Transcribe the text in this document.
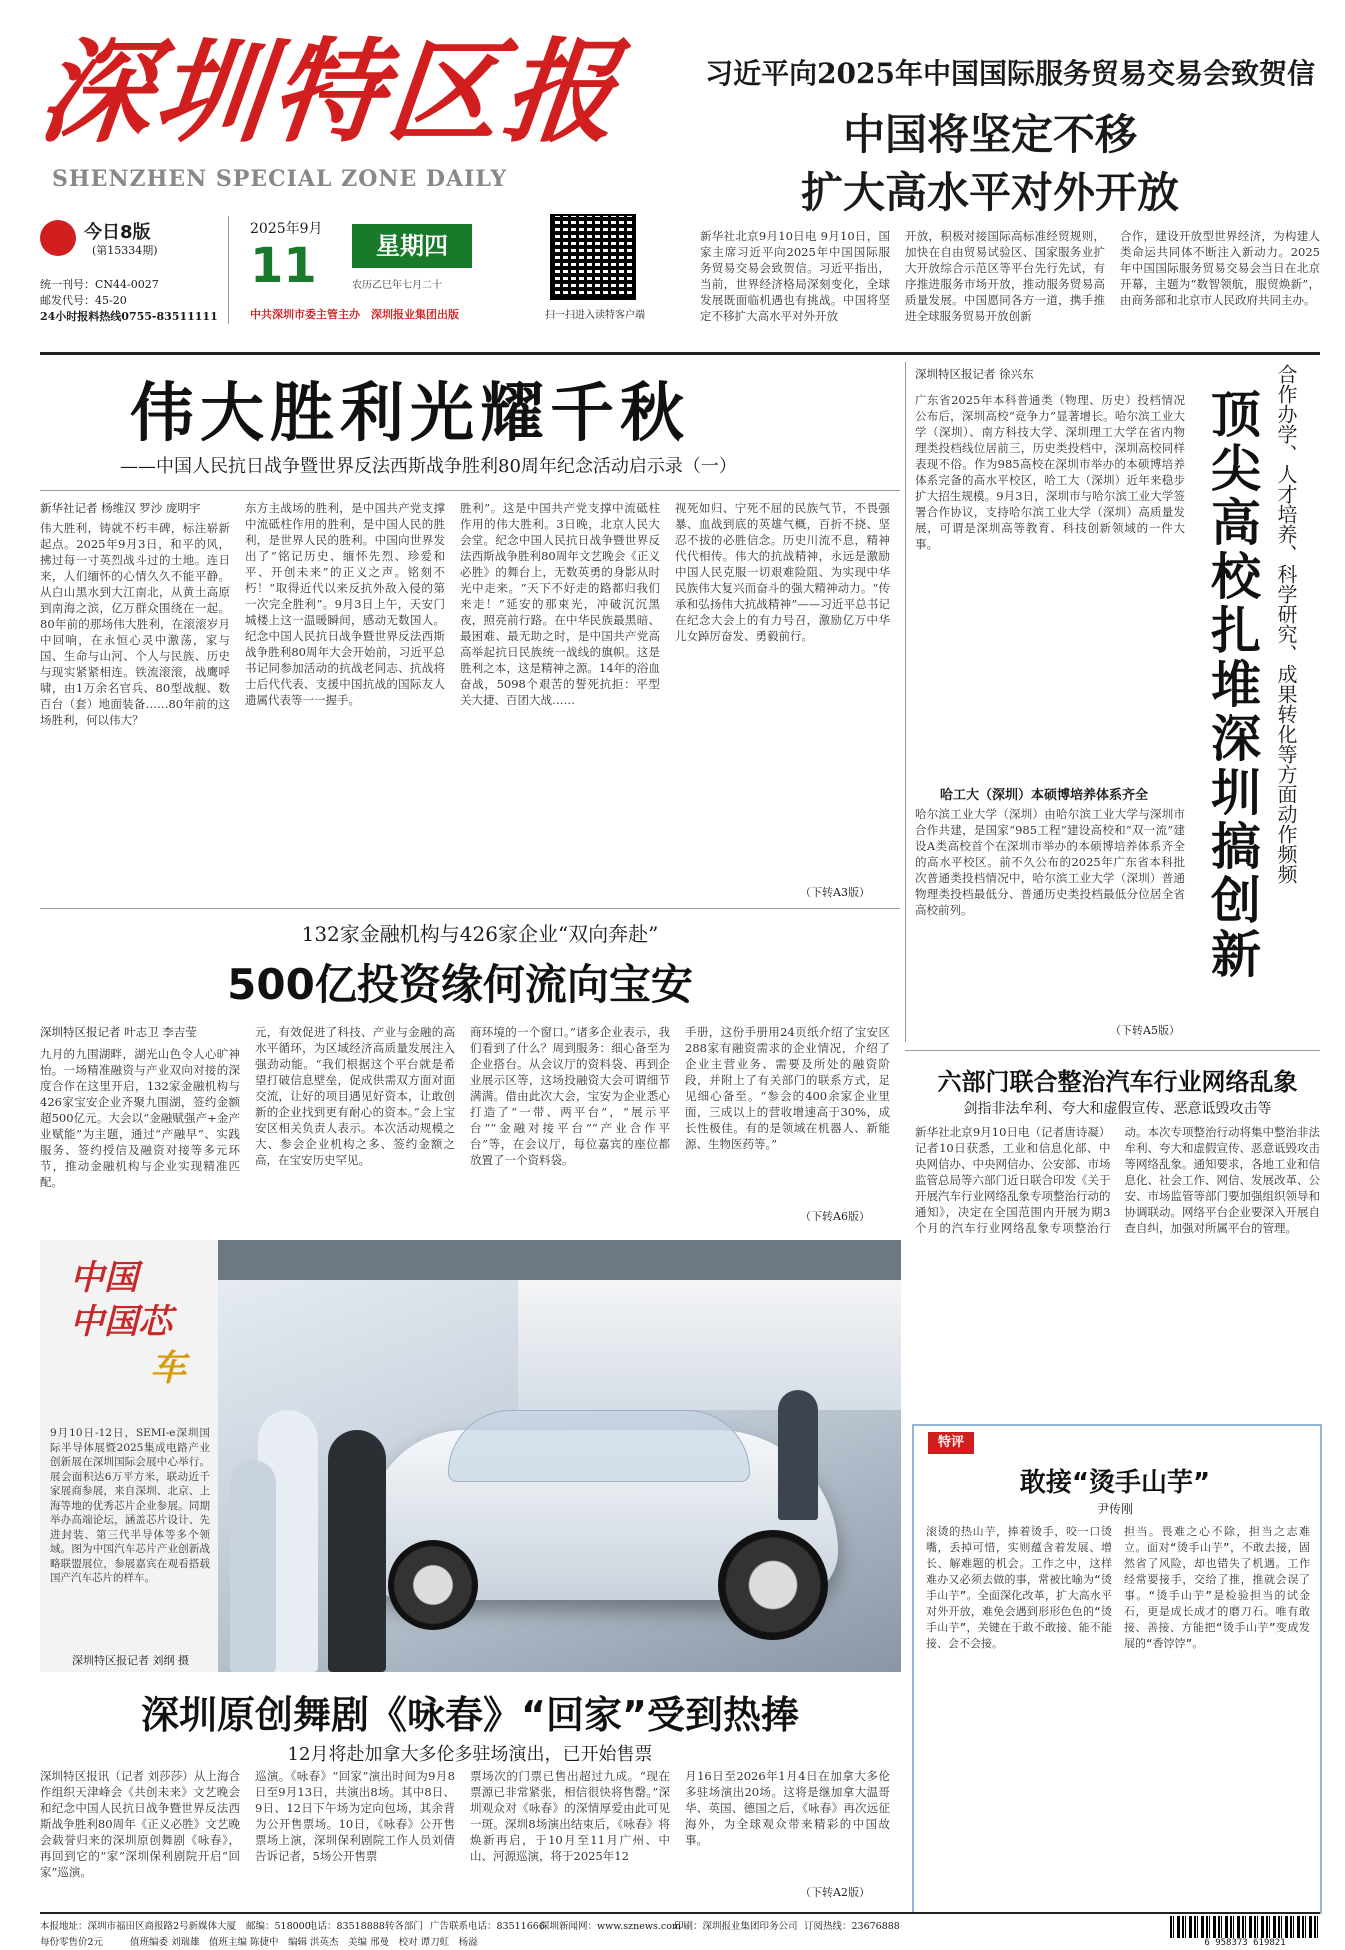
深圳特区报
SHENZHEN SPECIAL ZONE DAILY
习近平向2025年中国国际服务贸易交易会致贺信
中国将坚定不移
扩大高水平对外开放
今日8版
(第15334期)
统一刊号：CN44-0027
邮发代号：45-20
24小时报料热线0755-83511111
2025年9月
11	星期四
农历乙巳年七月二十
中共深圳市委主管主办　深圳报业集团出版	扫一扫进入读特客户端
新华社北京9月10日电 9月10日，国家主席习近平向2025年中国国际服务贸易交易会致贺信。习近平指出，当前，世界经济格局深刻变化，全球发展既面临机遇也有挑战。中国将坚定不移扩大高水平对外开放
开放，积极对接国际高标准经贸规则，加快在自由贸易试验区、国家服务业扩大开放综合示范区等平台先行先试，有序推进服务市场开放，推动服务贸易高质量发展。中国愿同各方一道，携手推进全球服务贸易开放创新
合作，建设开放型世界经济，为构建人类命运共同体不断注入新动力。2025年中国国际服务贸易交易会当日在北京开幕，主题为“数智领航，服贸焕新”，由商务部和北京市人民政府共同主办。
伟大胜利光耀千秋
——中国人民抗日战争暨世界反法西斯战争胜利80周年纪念活动启示录（一）
新华社记者 杨维汉 罗沙 庞明宇
伟大胜利，铸就不朽丰碑，标注崭新起点。2025年9月3日，和平的风，拂过每一寸英烈战斗过的土地。连日来，人们缅怀的心情久久不能平静。从白山黑水到大江南北，从黄土高原到南海之滨，亿万群众围绕在一起。80年前的那场伟大胜利，在滚滚岁月中回响，在永恒心灵中激荡，家与国、生命与山河、个人与民族、历史与现实紧紧相连。铁流滚滚，战鹰呼啸，由1万余名官兵、80型战舰、数百台（套）地面装备……80年前的这场胜利，何以伟大？
东方主战场的胜利，是中国共产党支撑中流砥柱作用的胜利，是中国人民的胜利，是世界人民的胜利。中国向世界发出了“铭记历史、缅怀先烈、珍爱和平、开创未来”的正义之声。铭刻不朽！“取得近代以来反抗外敌入侵的第一次完全胜利”。9月3日上午，天安门城楼上这一温暖瞬间，感动无数国人。纪念中国人民抗日战争暨世界反法西斯战争胜利80周年大会开始前，习近平总书记同参加活动的抗战老同志、抗战将士后代代表、支援中国抗战的国际友人遗属代表等一一握手。
胜利”。这是中国共产党支撑中流砥柱作用的伟大胜利。3日晚，北京人民大会堂。纪念中国人民抗日战争暨世界反法西斯战争胜利80周年文艺晚会《正义必胜》的舞台上，无数英勇的身影从时光中走来。“天下不好走的路都归我们来走！”延安的那束光，冲破沉沉黑夜，照亮前行路。在中华民族最黑暗、最困难、最无助之时，是中国共产党高高举起抗日民族统一战线的旗帜。这是胜利之本，这是精神之源。14年的浴血奋战，5098个艰苦的誓死抗拒：平型关大捷、百团大战……
视死如归、宁死不屈的民族气节，不畏强暴、血战到底的英雄气概，百折不挠、坚忍不拔的必胜信念。历史川流不息，精神代代相传。伟大的抗战精神，永远是激励中国人民克服一切艰难险阻、为实现中华民族伟大复兴而奋斗的强大精神动力。“传承和弘扬伟大抗战精神”——习近平总书记在纪念大会上的有力号召，激励亿万中华儿女踔厉奋发、勇毅前行。
（下转A3版）
深圳特区报记者 徐兴东	合作办学、人才培养、科学研究、成果转化等方面动作频频
顶尖高校扎堆深圳搞创新
广东省2025年本科普通类（物理、历史）投档情况公布后，深圳高校“竞争力”显著增长。哈尔滨工业大学（深圳）、南方科技大学、深圳理工大学在省内物理类投档线位居前三，历史类投档中，深圳高校同样表现不俗。作为985高校在深圳市举办的本硕博培养体系完备的高水平校区，哈工大（深圳）近年来稳步扩大招生规模。9月3日，深圳市与哈尔滨工业大学签署合作协议，支持哈尔滨工业大学（深圳）高质量发展，可谓是深圳高等教育、科技创新领域的一件大事。
哈工大（深圳）本硕博培养体系齐全
哈尔滨工业大学（深圳）由哈尔滨工业大学与深圳市合作共建，是国家“985工程”建设高校和“双一流”建设A类高校首个在深圳市举办的本硕博培养体系齐全的高水平校区。前不久公布的2025年广东省本科批次普通类投档情况中，哈尔滨工业大学（深圳）普通物理类投档最低分、普通历史类投档最低分位居全省高校前列。
（下转A5版）
132家金融机构与426家企业“双向奔赴”
500亿投资缘何流向宝安
深圳特区报记者 叶志卫 李吉莹
九月的九围湖畔，湖光山色令人心旷神怡。一场精准融资与产业双向对接的深度合作在这里开启，132家金融机构与426家宝安企业齐聚九围湖，签约金额超500亿元。大会以“金融赋强产+金产业赋能”为主题，通过“产融早”、实践服务、签约授信及融资对接等多元环节，推动金融机构与企业实现精准匹配。
元，有效促进了科技、产业与金融的高水平循环，为区域经济高质量发展注入强劲动能。“我们根据这个平台就是希望打破信息壁垒，促成供需双方面对面交流，让好的项目遇见好资本，让敢创新的企业找到更有耐心的资本。”会上宝安区相关负责人表示。本次活动规模之大、参会企业机构之多、签约金额之高，在宝安历史罕见。
商环境的一个窗口。”诸多企业表示，我们看到了什么？周到服务：细心备至为企业搭台。从会议厅的资料袋、再到企业展示区等，这场投融资大会可谓细节满满。借由此次大会，宝安为企业悉心打造了“一带、两平台”，“展示平台”“金融对接平台”“产业合作平台”等，在会议厅，每位嘉宾的座位都放置了一个资料袋。
手册，这份手册用24页纸介绍了宝安区288家有融资需求的企业情况，介绍了企业主营业务、需要及所处的融资阶段，并附上了有关部门的联系方式，足见细心备至。“参会的400余家企业里面，三成以上的营收增速高于30%，成长性极佳。有的是领域在机器人、新能源、生物医药等。”
（下转A6版）
中国
中国芯
车
9月10日-12日，SEMI-e深圳国际半导体展暨2025集成电路产业创新展在深圳国际会展中心举行。展会面积达6万平方米，联动近千家展商参展，来自深圳、北京、上海等地的优秀芯片企业参展。同期举办高端论坛，涵盖芯片设计、先进封装、第三代半导体等多个领域。图为中国汽车芯片产业创新战略联盟展位，参展嘉宾在观看搭载国产汽车芯片的样车。
深圳特区报记者 刘纲 摄
六部门联合整治汽车行业网络乱象
剑指非法牟利、夸大和虚假宣传、恶意诋毁攻击等
新华社北京9月10日电（记者唐诗凝）记者10日获悉，工业和信息化部、中央网信办、中央网信办、公安部、市场监管总局等六部门近日联合印发《关于开展汽车行业网络乱象专项整治行动的通知》，决定在全国范围内开展为期3个月的汽车行业网络乱象专项整治行动。本次专项整治行动将集中整治非法牟利、夸大和虚假宣传、恶意诋毁攻击等网络乱象。通知要求，各地工业和信息化、社会工作、网信、发展改革、公安、市场监管等部门要加强组织领导和协调联动。网络平台企业要深入开展自查自纠，加强对所属平台的管理。
特评
敢接“烫手山芋”
尹传刚
滚烫的热山芋，捧着烫手，咬一口烫嘴，丢掉可惜，实则蕴含着发展、增长、解难题的机会。工作之中，这样难办又必须去做的事，常被比喻为“烫手山芋”。全面深化改革，扩大高水平对外开放，难免会遇到形形色色的“烫手山芋”，关键在于敢不敢接、能不能接、会不会接。
担当。畏难之心不除，担当之志难立。面对“烫手山芋”，不敢去接，固然省了风险，却也错失了机遇。工作经常要接手，交给了推，推就会误了事。“烫手山芋”是检验担当的试金石，更是成长成才的磨刀石。唯有敢接、善接、方能把“烫手山芋”变成发展的“香饽饽”。
深圳原创舞剧《咏春》“回家”受到热捧
12月将赴加拿大多伦多驻场演出，已开始售票
深圳特区报讯（记者 刘莎莎）从上海合作组织天津峰会《共创未来》文艺晚会和纪念中国人民抗日战争暨世界反法西斯战争胜利80周年《正义必胜》文艺晚会载誉归来的深圳原创舞剧《咏春》，再回到它的“家”深圳保利剧院开启“回家”巡演。
巡演。《咏春》“回家”演出时间为9月8日至9月13日，共演出8场。其中8日、9日、12日下午场为定向包场，其余背为公开售票场。10日，《咏春》公开售票场上演，深圳保利剧院工作人员刘倩告诉记者，5场公开售票
票场次的门票已售出超过九成。“现在票源已非常紧张，相信很快将售罄。”深圳观众对《咏春》的深情厚爱由此可见一斑。深圳8场演出结束后，《咏春》将焕新再启，于10月至11月广州、中山、河源巡演，将于2025年12
月16日至2026年1月4日在加拿大多伦多驻场演出20场。这将是继加拿大温哥华、英国、德国之后，《咏春》再次远征海外，为全球观众带来精彩的中国故事。
（下转A2版）
本报地址：深圳市福田区商报路2号新媒体大厦 邮编：518000
电话：83518888转各部门 广告联系电话：83511666
深圳新闻网：www.sznews.com
印刷：深圳报业集团印务公司 订阅热线：23676888
每份零售价2元	值班编委 刘瑞雄　值班主编 陈捷中　编辑 洪英杰　美编 邢曼　校对 谭刀虹　杨溢	6 958373 619821
